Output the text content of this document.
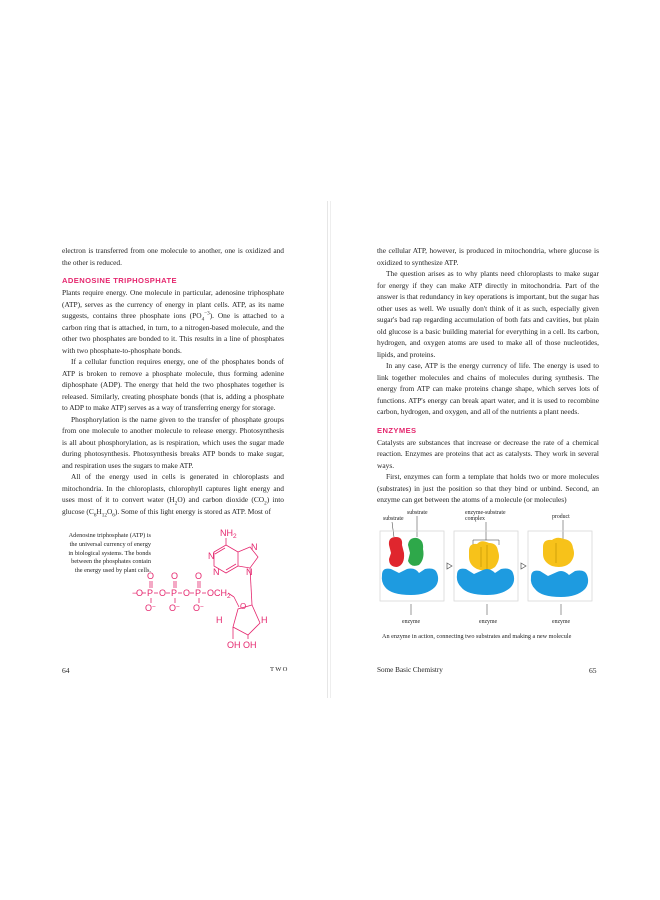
electron is transferred from one molecule to another, one is oxidized and the other is reduced.

ADENOSINE TRIPHOSPHATE

Plants require energy. One molecule in particular, adenosine triphosphate (ATP), serves as the currency of energy in plant cells. ATP, as its name suggests, contains three phosphate ions $(PO_4^{-3})$. One is attached to a carbon ring that is attached, in turn, to a nitrogen-based molecule, and the other two phosphates are bonded to it. This results in a line of phosphates with two phosphate-to-phosphate bonds.

If a cellular function requires energy, one of the phosphates bonds of ATP is broken to remove a phosphate molecule, thus forming adenine diphosphate (ADP). The energy that held the two phosphates together is released. Similarly, creating phosphate bonds (that is, adding a phosphate to ADP to make ATP) serves as a way of transferring energy for storage.

Phosphorylation is the name given to the transfer of phosphate groups from one molecule to another molecule to release energy. Photosynthesis is all about phosphorylation, as is respiration, which uses the sugar made during photosynthesis. Photosynthesis breaks ATP bonds to make sugar, and respiration uses the sugars to make ATP.

All of the energy used in cells is generated in chloroplasts and mitochondria. In the chloroplasts, chlorophyll captures light energy and uses most of it to convert water $(H_2O)$ and carbon dioxide $(CO_2)$ into glucose $(C_6H_{12}O_6)$. Some of this light energy is stored as ATP. Most of

Adenosine triphosphate (ATP) is the universal currency of energy in biological systems. The bonds between the phosphates contain the energy used by plant cells.
$NH_2$
N
N
N	N
O O O
−
O P O P O P $OCH_2$
O − O − O −	O
H	H
OH OH
64	TWO

the cellular ATP, however, is produced in mitochondria, where glucose is oxidized to synthesize ATP.

The question arises as to why plants need chloroplasts to make sugar for energy if they can make ATP directly in mitochondria. Part of the answer is that redundancy in key operations is important, but the sugar has other uses as well. We usually don't think of it as such, especially given sugar's bad rap regarding accumulation of both fats and cavities, but plain old glucose is a basic building material for everything in a cell. Its carbon, hydrogen, and oxygen atoms are used to make all of those nucleotides, lipids, and proteins.

In any case, ATP is the energy currency of life. The energy is used to link together molecules and chains of molecules during synthesis. The energy from ATP can make proteins change shape, which serves lots of functions. ATP's energy can break apart water, and it is used to recombine carbon, hydrogen, and oxygen, and all of the nutrients a plant needs.

ENZYMES

Catalysts are substances that increase or decrease the rate of a chemical reaction. Enzymes are proteins that act as catalysts. They work in several ways.

First, enzymes can form a template that holds two or more molecules (substrates) in just the position so that they bind or unbind. Second, an enzyme can get between the atoms of a molecule (or molecules)

substrate
substrate	enzyme-substrate
complex	product
enzyme	enzyme	enzyme
An enzyme in action, connecting two substrates and making a new molecule
Some Basic Chemistry	65
